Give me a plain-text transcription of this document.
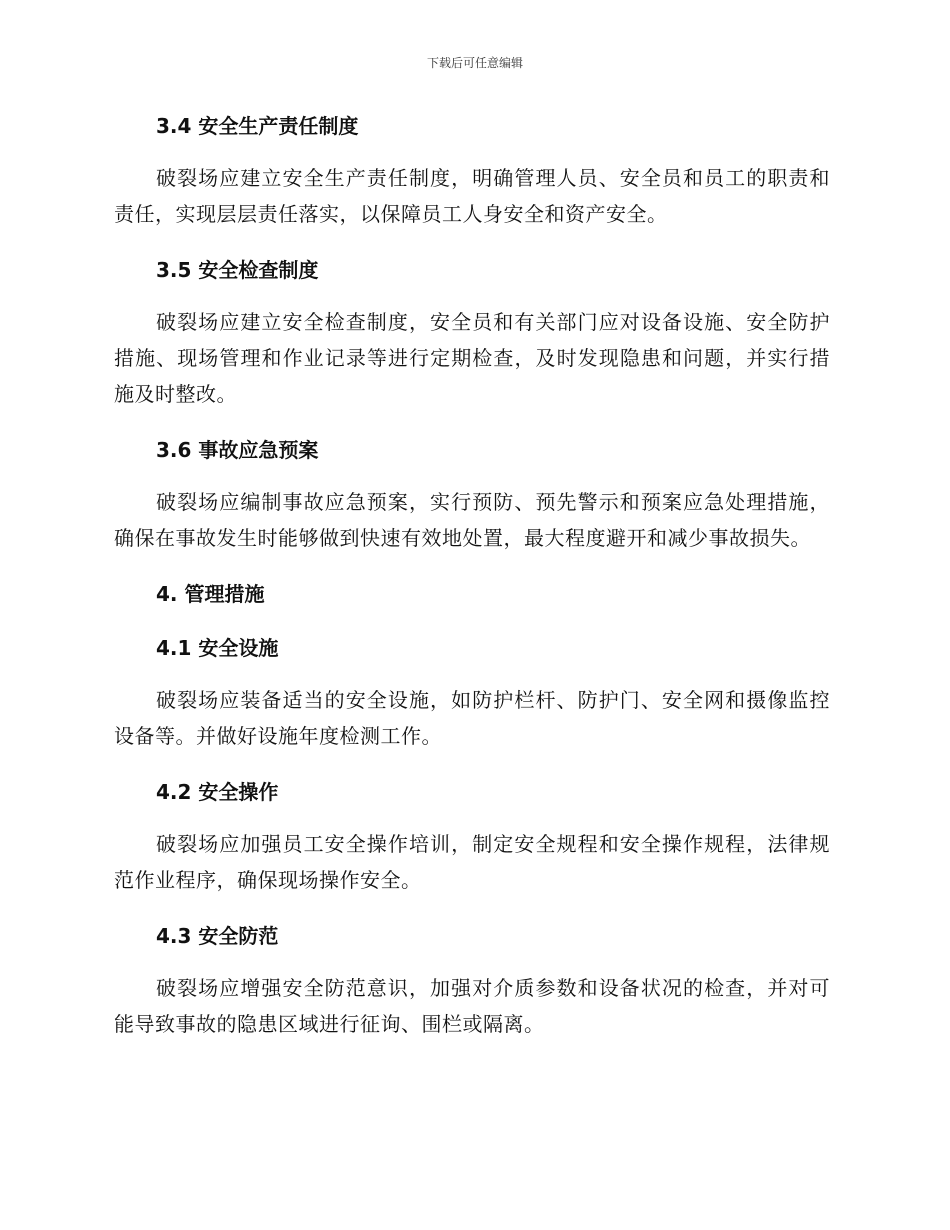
下载后可任意编辑
3.4 安全生产责任制度

破裂场应建立安全生产责任制度，明确管理人员、安全员和员工的职责和责任，实现层层责任落实，以保障员工人身安全和资产安全。

3.5 安全检查制度

破裂场应建立安全检查制度，安全员和有关部门应对设备设施、安全防护措施、现场管理和作业记录等进行定期检查，及时发现隐患和问题，并实行措施及时整改。

3.6 事故应急预案

破裂场应编制事故应急预案，实行预防、预先警示和预案应急处理措施，确保在事故发生时能够做到快速有效地处置，最大程度避开和减少事故损失。

4. 管理措施
4.1 安全设施

破裂场应装备适当的安全设施，如防护栏杆、防护门、安全网和摄像监控设备等。并做好设施年度检测工作。

4.2 安全操作

破裂场应加强员工安全操作培训，制定安全规程和安全操作规程，法律规范作业程序，确保现场操作安全。

4.3 安全防范

破裂场应增强安全防范意识，加强对介质参数和设备状况的检查，并对可能导致事故的隐患区域进行征询、围栏或隔离。
